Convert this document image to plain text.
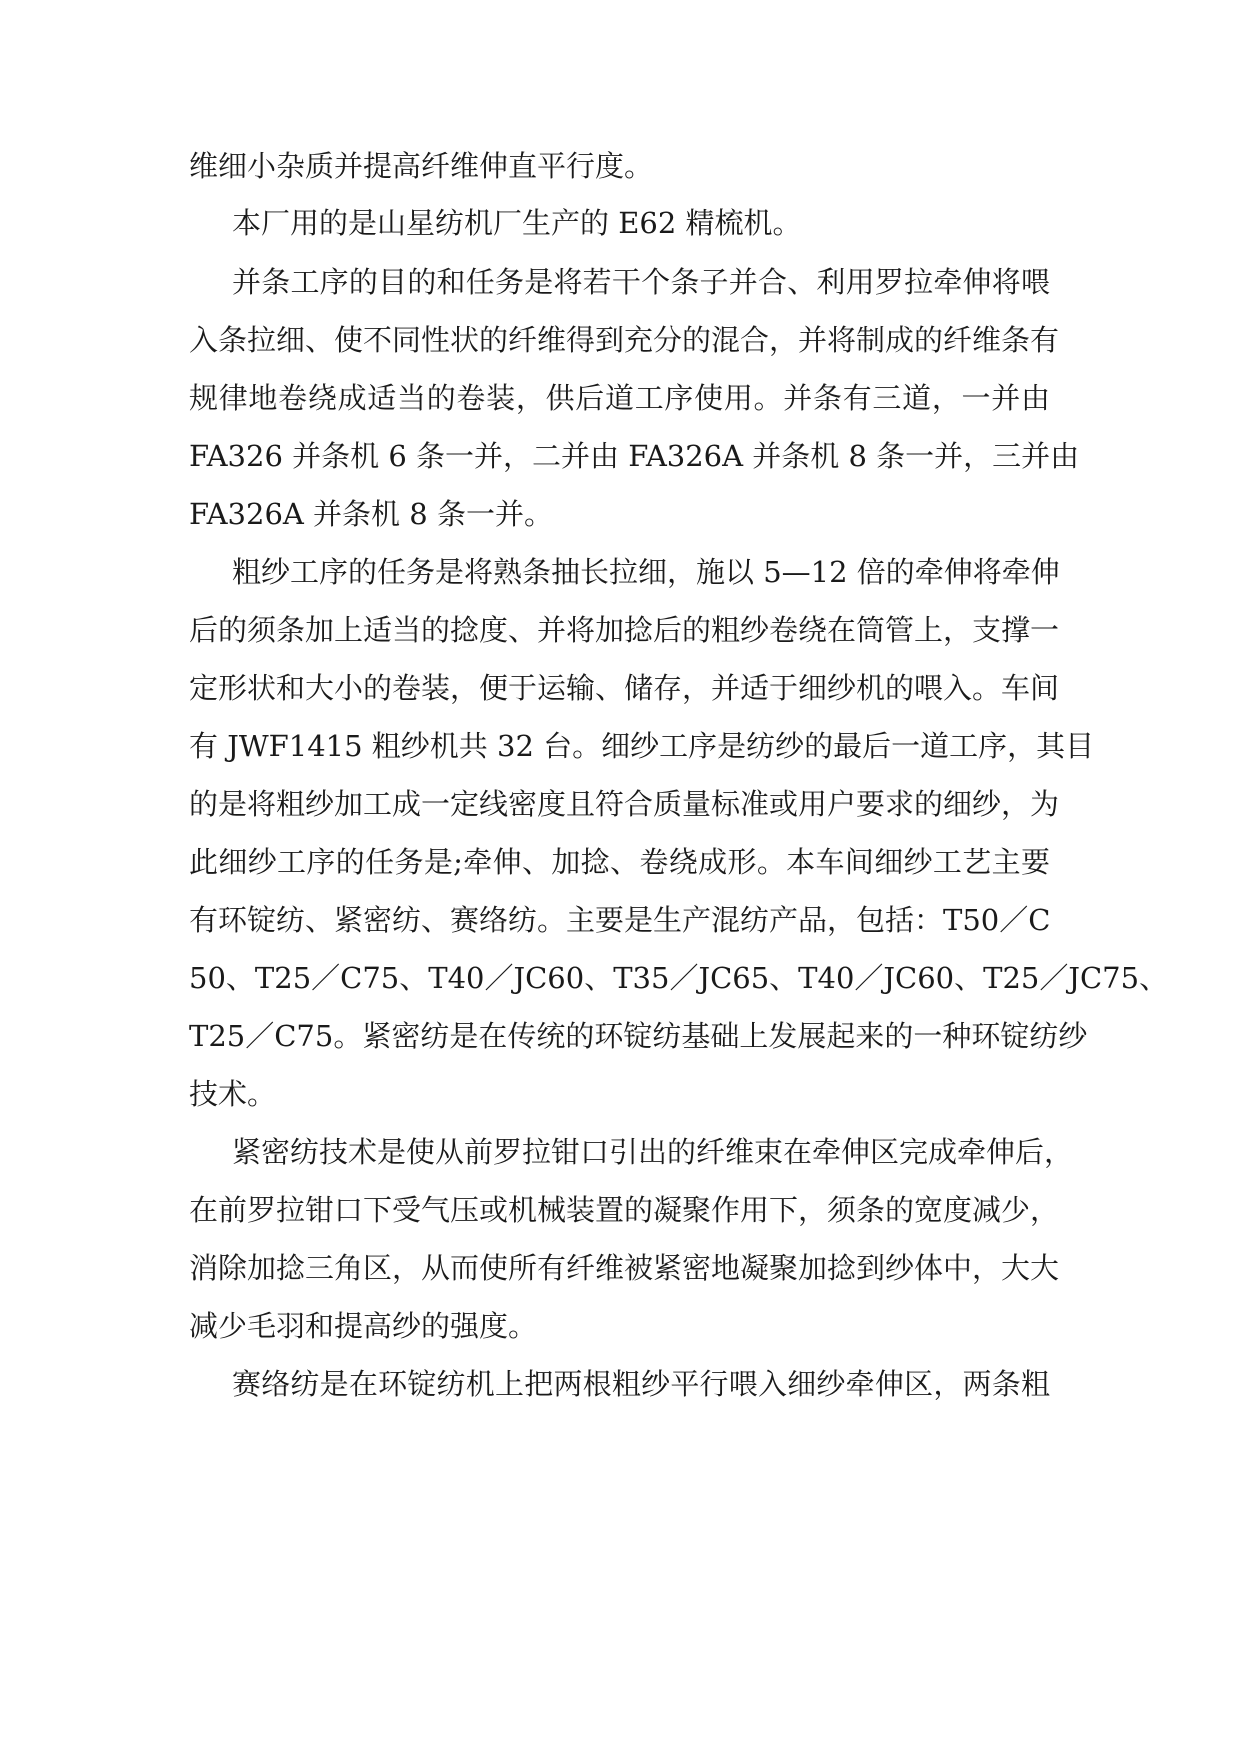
维细小杂质并提高纤维伸直平行度。

本厂用的是山星纺机厂生产的 E62 精梳机。

并条工序的目的和任务是将若干个条子并合、利用罗拉牵伸将喂

入条拉细、使不同性状的纤维得到充分的混合，并将制成的纤维条有

规律地卷绕成适当的卷装，供后道工序使用。并条有三道，一并由

FA326 并条机 6 条一并，二并由 FA326A 并条机 8 条一并，三并由

FA326A 并条机 8 条一并。

粗纱工序的任务是将熟条抽长拉细，施以 5—12 倍的牵伸将牵伸

后的须条加上适当的捻度、并将加捻后的粗纱卷绕在筒管上，支撑一

定形状和大小的卷装，便于运输、储存，并适于细纱机的喂入。车间

有 JWF1415 粗纱机共 32 台。细纱工序是纺纱的最后一道工序，其目

的是将粗纱加工成一定线密度且符合质量标准或用户要求的细纱，为

此细纱工序的任务是;牵伸、加捻、卷绕成形。本车间细纱工艺主要

有环锭纺、紧密纺、赛络纺。主要是生产混纺产品，包括：T50／C

50、T25／C75、T40／JC60、T35／JC65、T40／JC60、T25／JC75、

T25／C75。紧密纺是在传统的环锭纺基础上发展起来的一种环锭纺纱

技术。

紧密纺技术是使从前罗拉钳口引出的纤维束在牵伸区完成牵伸后，

在前罗拉钳口下受气压或机械装置的凝聚作用下，须条的宽度减少，

消除加捻三角区，从而使所有纤维被紧密地凝聚加捻到纱体中，大大

减少毛羽和提高纱的强度。

赛络纺是在环锭纺机上把两根粗纱平行喂入细纱牵伸区，两条粗
